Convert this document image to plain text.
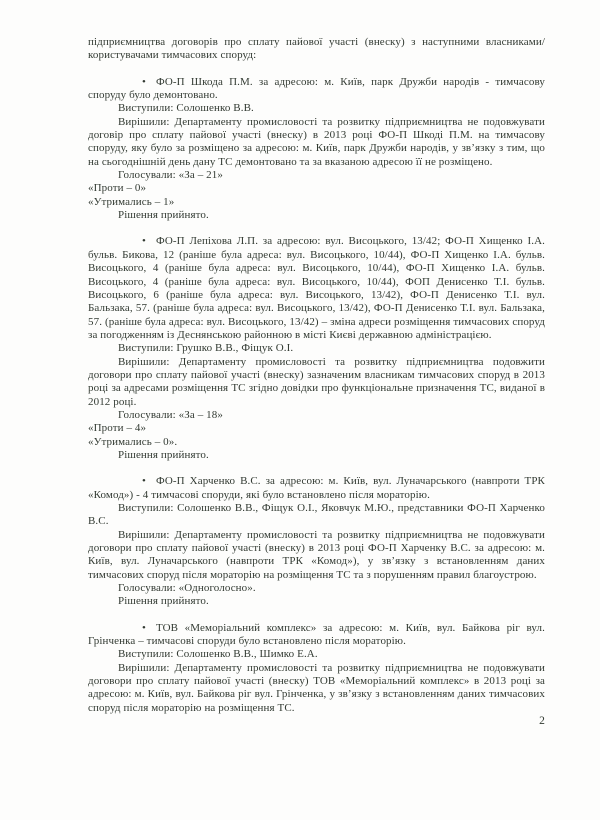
підприємництва договорів про сплату пайової участі (внеску) з наступними власниками/користувачами тимчасових споруд:

• ФО-П Шкода П.М. за адресою: м. Київ, парк Дружби народів - тимчасову споруду було демонтовано.

Виступили: Солошенко В.В.

Вирішили: Департаменту промисловості та розвитку підприємництва не подовжувати договір про сплату пайової участі (внеску) в 2013 році ФО-П Шкоді П.М. на тимчасову споруду, яку було за розміщено за адресою: м. Київ, парк Дружби народів, у зв’язку з тим, що на сьогоднішній день дану ТС демонтовано та за вказаною адресою її не розміщено.

Голосували: «За – 21»

«Проти – 0»

«Утримались – 1»

Рішення прийнято.

• ФО-П Лепіхова Л.П. за адресою: вул. Висоцького, 13/42; ФО-П Хищенко І.А. бульв. Бикова, 12 (раніше була адреса: вул. Висоцького, 10/44), ФО-П Хищенко І.А. бульв. Висоцького, 4 (раніше була адреса: вул. Висоцького, 10/44), ФО-П Хищенко І.А. бульв. Висоцького, 4 (раніше була адреса: вул. Висоцького, 10/44), ФОП Денисенко Т.І. бульв. Висоцького, 6 (раніше була адреса: вул. Висоцького, 13/42), ФО-П Денисенко Т.І. вул. Бальзака, 57. (раніше була адреса: вул. Висоцького, 13/42), ФО-П Денисенко Т.І. вул. Бальзака, 57. (раніше була адреса: вул. Висоцького, 13/42) – зміна адреси розміщення тимчасових споруд за погодженням із Деснянською районною в місті Києві державною адміністрацією.

Виступили: Грушко В.В., Фіщук О.І.

Вирішили: Департаменту промисловості та розвитку підприємництва подовжити договори про сплату пайової участі (внеску) зазначеним власникам тимчасових споруд в 2013 році за адресами розміщення ТС згідно довідки про функціональне призначення ТС, виданої в 2012 році.

Голосували: «За – 18»

«Проти – 4»

«Утримались – 0».

Рішення прийнято.

• ФО-П Харченко В.С. за адресою: м. Київ, вул. Луначарського (навпроти ТРК «Комод») - 4 тимчасові споруди, які було встановлено після мораторію.

Виступили: Солошенко В.В., Фіщук О.І., Яковчук М.Ю., представники ФО-П Харченко В.С.

Вирішили: Департаменту промисловості та розвитку підприємництва не подовжувати договори про сплату пайової участі (внеску) в 2013 році ФО-П Харченку В.С. за адресою: м. Київ, вул. Луначарського (навпроти ТРК «Комод»), у зв’язку з встановленням даних тимчасових споруд після мораторію на розміщення ТС та з порушенням правил благоустрою.

Голосували: «Одноголосно».

Рішення прийнято.

• ТОВ «Меморіальний комплекс» за адресою: м. Київ, вул. Байкова ріг вул. Грінченка – тимчасові споруди було встановлено після мораторію.

Виступили: Солошенко В.В., Шимко Е.А.

Вирішили: Департаменту промисловості та розвитку підприємництва не подовжувати договори про сплату пайової участі (внеску) ТОВ «Меморіальний комплекс» в 2013 році за адресою: м. Київ, вул. Байкова ріг вул. Грінченка, у зв’язку з встановленням даних тимчасових споруд після мораторію на розміщення ТС.

2
